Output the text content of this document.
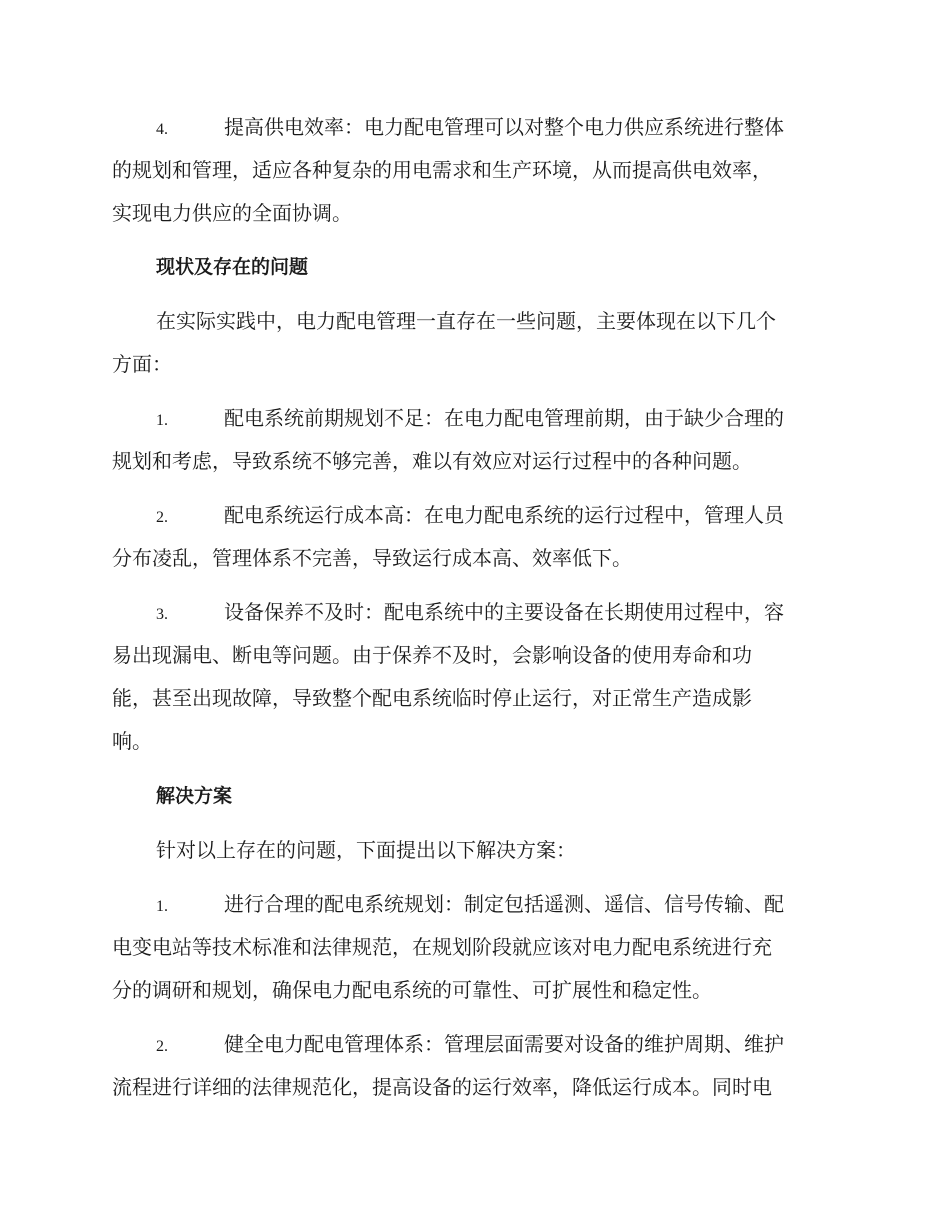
4.	提高供电效率：电力配电管理可以对整个电力供应系统进行整体
的规划和管理，适应各种复杂的用电需求和生产环境，从而提高供电效率，
实现电力供应的全面协调。
现状及存在的问题
在实际实践中，电力配电管理一直存在一些问题，主要体现在以下几个
方面：
1.	配电系统前期规划不足：在电力配电管理前期，由于缺少合理的
规划和考虑，导致系统不够完善，难以有效应对运行过程中的各种问题。
2.	配电系统运行成本高：在电力配电系统的运行过程中，管理人员
分布凌乱，管理体系不完善，导致运行成本高、效率低下。
3.	设备保养不及时：配电系统中的主要设备在长期使用过程中，容
易出现漏电、断电等问题。由于保养不及时，会影响设备的使用寿命和功
能，甚至出现故障，导致整个配电系统临时停止运行，对正常生产造成影
响。
解决方案
针对以上存在的问题，下面提出以下解决方案：
1.	进行合理的配电系统规划：制定包括遥测、遥信、信号传输、配
电变电站等技术标准和法律规范，在规划阶段就应该对电力配电系统进行充
分的调研和规划，确保电力配电系统的可靠性、可扩展性和稳定性。
2.	健全电力配电管理体系：管理层面需要对设备的维护周期、维护
流程进行详细的法律规范化，提高设备的运行效率，降低运行成本。同时电
